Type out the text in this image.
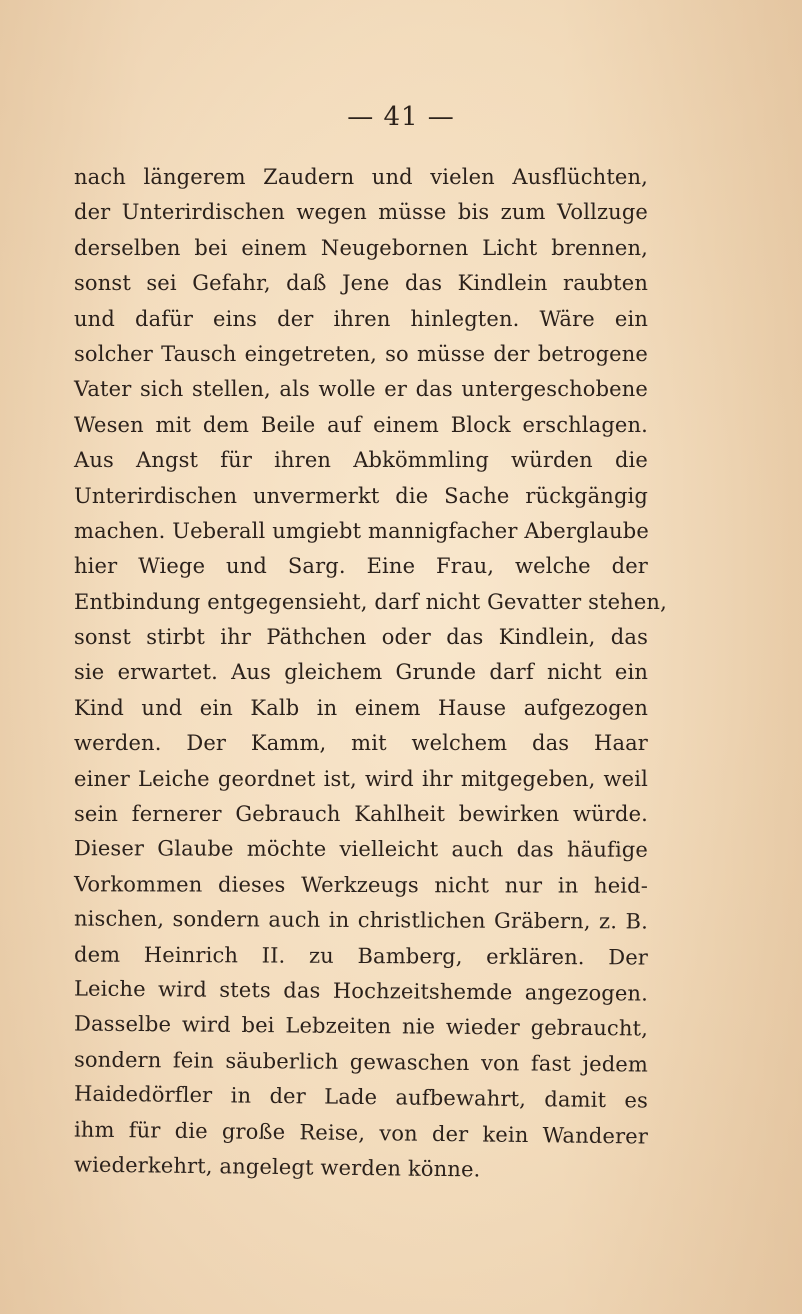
— 41 —
nach längerem Zaudern und vielen Ausflüchten,
der Unterirdischen wegen müsse bis zum Vollzuge
derselben bei einem Neugebornen Licht brennen,
sonst sei Gefahr, daß Jene das Kindlein raubten
und dafür eins der ihren hinlegten. Wäre ein
solcher Tausch eingetreten, so müsse der betrogene
Vater sich stellen, als wolle er das untergeschobene
Wesen mit dem Beile auf einem Block erschlagen.
Aus Angst für ihren Abkömmling würden die
Unterirdischen unvermerkt die Sache rückgängig
machen. Ueberall umgiebt mannigfacher Aberglaube
hier Wiege und Sarg. Eine Frau, welche der
Entbindung entgegensieht, darf nicht Gevatter stehen,
sonst stirbt ihr Päthchen oder das Kindlein, das
sie erwartet. Aus gleichem Grunde darf nicht ein
Kind und ein Kalb in einem Hause aufgezogen
werden. Der Kamm, mit welchem das Haar
einer Leiche geordnet ist, wird ihr mitgegeben, weil
sein fernerer Gebrauch Kahlheit bewirken würde.
Dieser Glaube möchte vielleicht auch das häufige
Vorkommen dieses Werkzeugs nicht nur in heid-
nischen, sondern auch in christlichen Gräbern, z. B.
dem Heinrich II. zu Bamberg, erklären. Der
Leiche wird stets das Hochzeitshemde angezogen.
Dasselbe wird bei Lebzeiten nie wieder gebraucht,
sondern fein säuberlich gewaschen von fast jedem
Haidedörfler in der Lade aufbewahrt, damit es
ihm für die große Reise, von der kein Wanderer
wiederkehrt, angelegt werden könne.
